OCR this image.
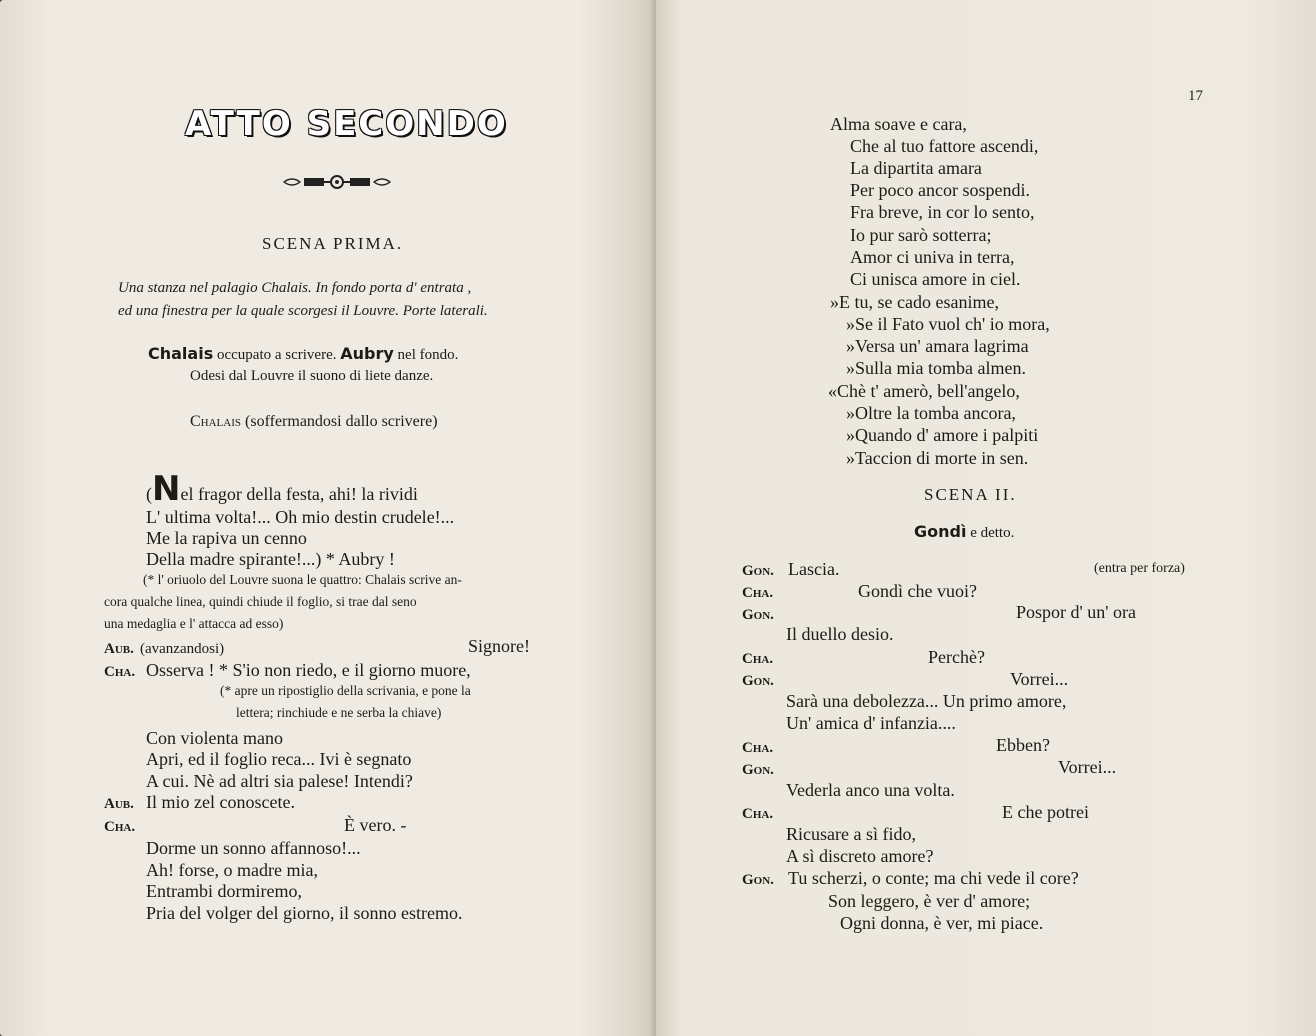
ATTO SECONDO
SCENA PRIMA.
Una stanza nel palagio Chalais. In fondo porta d' entrata ,
ed una finestra per la quale scorgesi il Louvre. Porte laterali.
Chalais occupato a scrivere. Aubry nel fondo.
Odesi dal Louvre il suono di liete danze.
Chalais (soffermandosi dallo scrivere)
(Nel fragor della festa, ahi! la rividi
L' ultima volta!... Oh mio destin crudele!...
Me la rapiva un cenno
Della madre spirante!...) * Aubry !
(* l' oriuolo del Louvre suona le quattro: Chalais scrive an-
cora qualche linea, quindi chiude il foglio, si trae dal seno
una medaglia e l' attacca ad esso)
Aub. (avanzandosi)	Signore!
Cha. Osserva ! * S'io non riedo, e il giorno muore,
(* apre un ripostiglio della scrivania, e pone la
lettera; rinchiude e ne serba la chiave)
Con violenta mano
Apri, ed il foglio reca... Ivi è segnato
A cui. Nè ad altri sia palese! Intendi?
Aub. Il mio zel conoscete.
Cha.	È vero. -
Dorme un sonno affannoso!...
Ah! forse, o madre mia,
Entrambi dormiremo,
Pria del volger del giorno, il sonno estremo.
17
Alma soave e cara,
Che al tuo fattore ascendi,
La dipartita amara
Per poco ancor sospendi.
Fra breve, in cor lo sento,
Io pur sarò sotterra;
Amor ci univa in terra,
Ci unisca amore in ciel.
»E tu, se cado esanime,
»Se il Fato vuol ch' io mora,
»Versa un' amara lagrima
»Sulla mia tomba almen.
«Chè t' amerò, bell'angelo,
»Oltre la tomba ancora,
»Quando d' amore i palpiti
»Taccion di morte in sen.
SCENA II.
Gondì e detto.
Gon. Lascia.	(entra per forza)
Cha.	Gondì che vuoi?
Gon.	Pospor d' un' ora
Il duello desio.
Cha.	Perchè?
Gon.	Vorrei...
Sarà una debolezza... Un primo amore,
Un' amica d' infanzia....
Cha.	Ebben?
Gon.	Vorrei...
Vederla anco una volta.
Cha.	E che potrei
Ricusare a sì fido,
A sì discreto amore?
Gon. Tu scherzi, o conte; ma chi vede il core?
Son leggero, è ver d' amore;
Ogni donna, è ver, mi piace.
